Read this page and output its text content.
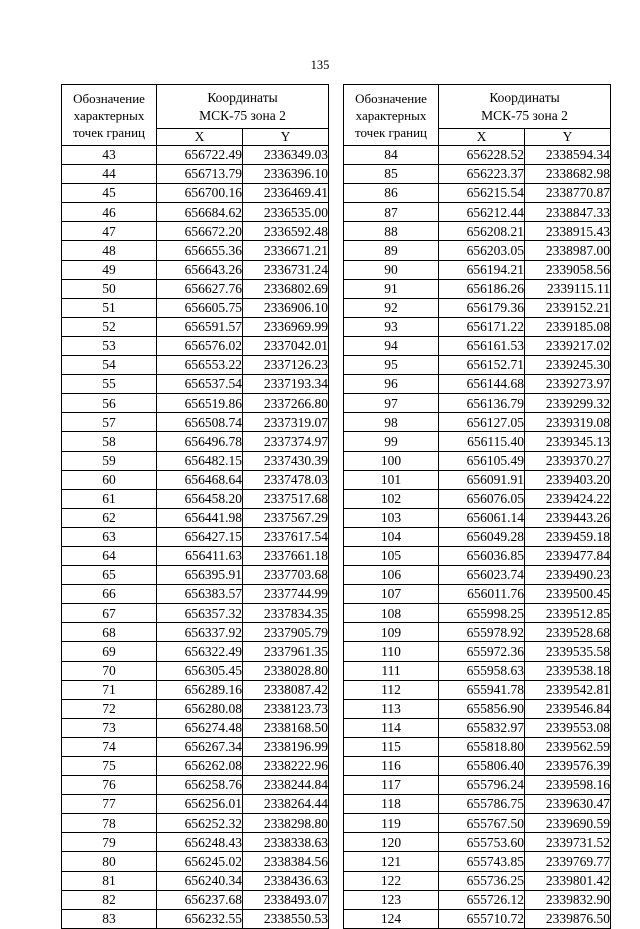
135
Обозначение
характерных
точек границ	Координаты
МСК-75 зона 2	
	X	Y
43	656722.49	2336349.03
44	656713.79	2336396.10
45	656700.16	2336469.41
46	656684.62	2336535.00
47	656672.20	2336592.48
48	656655.36	2336671.21
49	656643.26	2336731.24
50	656627.76	2336802.69
51	656605.75	2336906.10
52	656591.57	2336969.99
53	656576.02	2337042.01
54	656553.22	2337126.23
55	656537.54	2337193.34
56	656519.86	2337266.80
57	656508.74	2337319.07
58	656496.78	2337374.97
59	656482.15	2337430.39
60	656468.64	2337478.03
61	656458.20	2337517.68
62	656441.98	2337567.29
63	656427.15	2337617.54
64	656411.63	2337661.18
65	656395.91	2337703.68
66	656383.57	2337744.99
67	656357.32	2337834.35
68	656337.92	2337905.79
69	656322.49	2337961.35
70	656305.45	2338028.80
71	656289.16	2338087.42
72	656280.08	2338123.73
73	656274.48	2338168.50
74	656267.34	2338196.99
75	656262.08	2338222.96
76	656258.76	2338244.84
77	656256.01	2338264.44
78	656252.32	2338298.80
79	656248.43	2338338.63
80	656245.02	2338384.56
81	656240.34	2338436.63
82	656237.68	2338493.07
83	656232.55	2338550.53
Обозначение
характерных
точек границ	Координаты
МСК-75 зона 2	
	X	Y
84	656228.52	2338594.34
85	656223.37	2338682.98
86	656215.54	2338770.87
87	656212.44	2338847.33
88	656208.21	2338915.43
89	656203.05	2338987.00
90	656194.21	2339058.56
91	656186.26	2339115.11
92	656179.36	2339152.21
93	656171.22	2339185.08
94	656161.53	2339217.02
95	656152.71	2339245.30
96	656144.68	2339273.97
97	656136.79	2339299.32
98	656127.05	2339319.08
99	656115.40	2339345.13
100	656105.49	2339370.27
101	656091.91	2339403.20
102	656076.05	2339424.22
103	656061.14	2339443.26
104	656049.28	2339459.18
105	656036.85	2339477.84
106	656023.74	2339490.23
107	656011.76	2339500.45
108	655998.25	2339512.85
109	655978.92	2339528.68
110	655972.36	2339535.58
111	655958.63	2339538.18
112	655941.78	2339542.81
113	655856.90	2339546.84
114	655832.97	2339553.08
115	655818.80	2339562.59
116	655806.40	2339576.39
117	655796.24	2339598.16
118	655786.75	2339630.47
119	655767.50	2339690.59
120	655753.60	2339731.52
121	655743.85	2339769.77
122	655736.25	2339801.42
123	655726.12	2339832.90
124	655710.72	2339876.50
